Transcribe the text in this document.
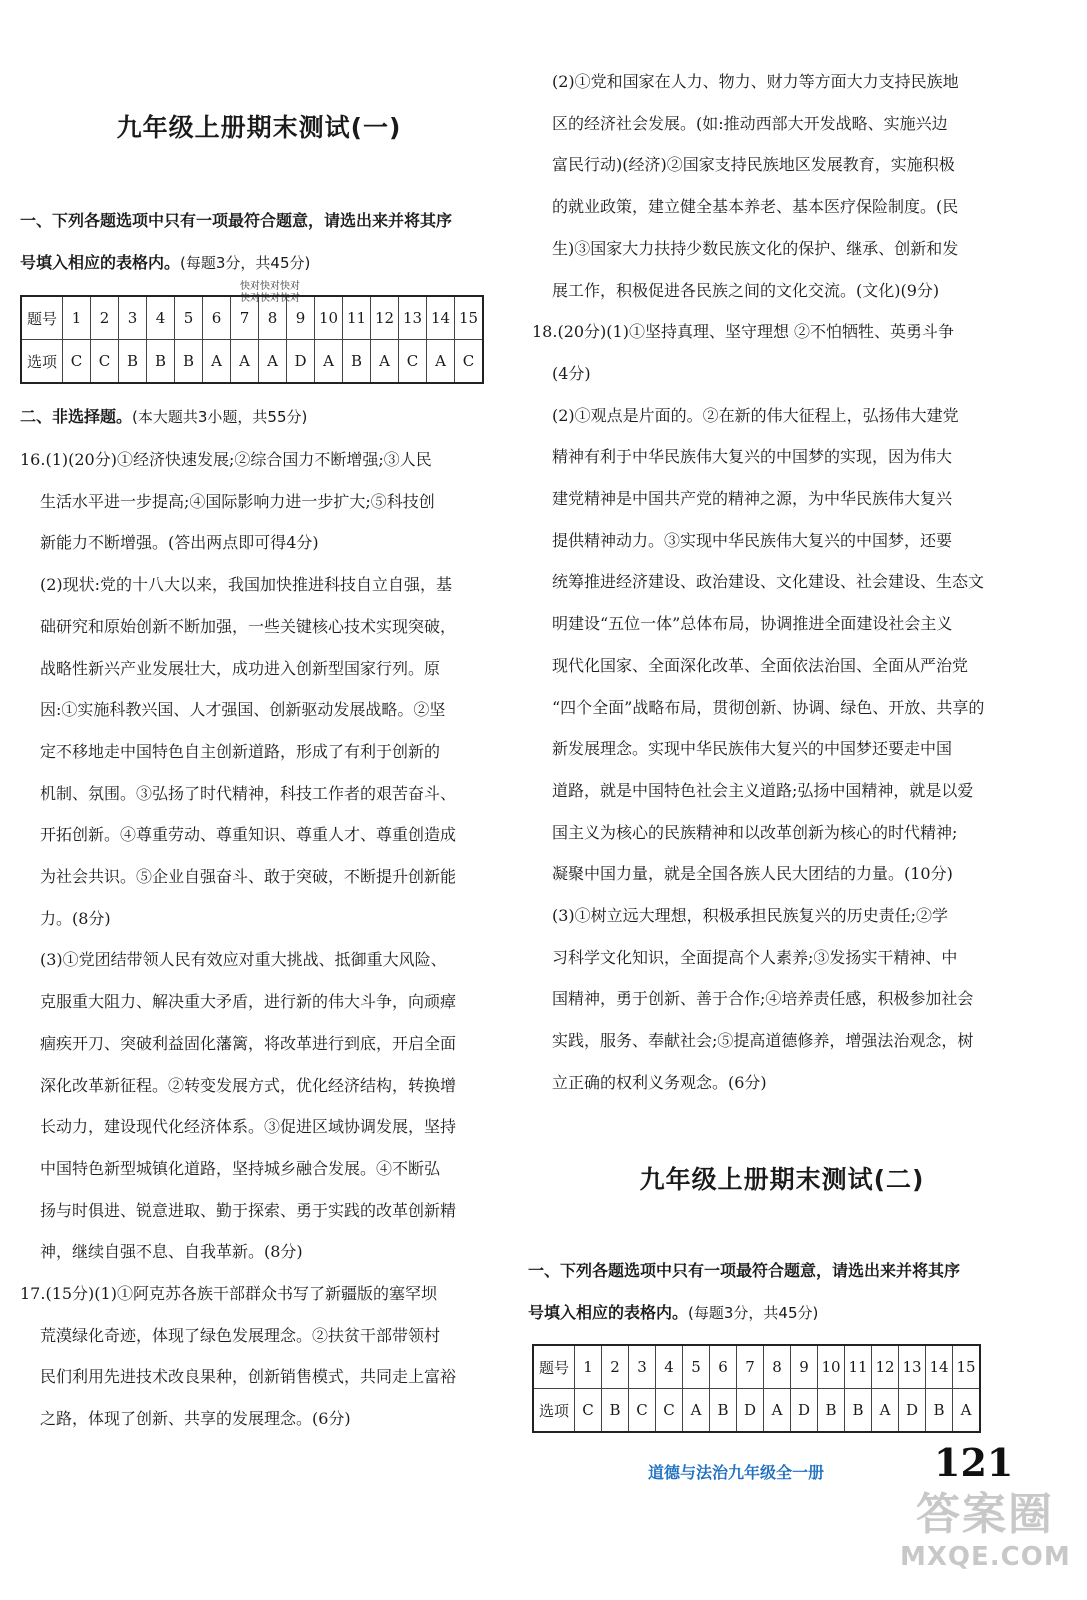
九年级上册期末测试(一)

一、下列各题选项中只有一项最符合题意，请选出来并将其序

号填入相应的表格内。(每题3分，共45分)

快对快对快对
快对快对快对
题号	1	2	3	4	5	6	7	8	9	10	11	12	13	14	15
选项	C	C	B	B	B	A	A	A	D	A	B	A	C	A	C

二、非选择题。(本大题共3小题，共55分)

16.(1)(20分)①经济快速发展;②综合国力不断增强;③人民

生活水平进一步提高;④国际影响力进一步扩大;⑤科技创

新能力不断增强。(答出两点即可得4分)

(2)现状:党的十八大以来，我国加快推进科技自立自强，基

础研究和原始创新不断加强，一些关键核心技术实现突破，

战略性新兴产业发展壮大，成功进入创新型国家行列。原

因:①实施科教兴国、人才强国、创新驱动发展战略。②坚

定不移地走中国特色自主创新道路，形成了有利于创新的

机制、氛围。③弘扬了时代精神，科技工作者的艰苦奋斗、

开拓创新。④尊重劳动、尊重知识、尊重人才、尊重创造成

为社会共识。⑤企业自强奋斗、敢于突破，不断提升创新能

力。(8分)

(3)①党团结带领人民有效应对重大挑战、抵御重大风险、

克服重大阻力、解决重大矛盾，进行新的伟大斗争，向顽瘴

痼疾开刀、突破利益固化藩篱，将改革进行到底，开启全面

深化改革新征程。②转变发展方式，优化经济结构，转换增

长动力，建设现代化经济体系。③促进区域协调发展，坚持

中国特色新型城镇化道路，坚持城乡融合发展。④不断弘

扬与时俱进、锐意进取、勤于探索、勇于实践的改革创新精

神，继续自强不息、自我革新。(8分)

17.(15分)(1)①阿克苏各族干部群众书写了新疆版的塞罕坝

荒漠绿化奇迹，体现了绿色发展理念。②扶贫干部带领村

民们利用先进技术改良果种，创新销售模式，共同走上富裕

之路，体现了创新、共享的发展理念。(6分)

(2)①党和国家在人力、物力、财力等方面大力支持民族地

区的经济社会发展。(如:推动西部大开发战略、实施兴边

富民行动)(经济)②国家支持民族地区发展教育，实施积极

的就业政策，建立健全基本养老、基本医疗保险制度。(民

生)③国家大力扶持少数民族文化的保护、继承、创新和发

展工作，积极促进各民族之间的文化交流。(文化)(9分)

18.(20分)(1)①坚持真理、坚守理想 ②不怕牺牲、英勇斗争

(4分)

(2)①观点是片面的。②在新的伟大征程上，弘扬伟大建党

精神有利于中华民族伟大复兴的中国梦的实现，因为伟大

建党精神是中国共产党的精神之源，为中华民族伟大复兴

提供精神动力。③实现中华民族伟大复兴的中国梦，还要

统筹推进经济建设、政治建设、文化建设、社会建设、生态文

明建设“五位一体”总体布局，协调推进全面建设社会主义

现代化国家、全面深化改革、全面依法治国、全面从严治党

“四个全面”战略布局，贯彻创新、协调、绿色、开放、共享的

新发展理念。实现中华民族伟大复兴的中国梦还要走中国

道路，就是中国特色社会主义道路;弘扬中国精神，就是以爱

国主义为核心的民族精神和以改革创新为核心的时代精神;

凝聚中国力量，就是全国各族人民大团结的力量。(10分)

(3)①树立远大理想，积极承担民族复兴的历史责任;②学

习科学文化知识，全面提高个人素养;③发扬实干精神、中

国精神，勇于创新、善于合作;④培养责任感，积极参加社会

实践，服务、奉献社会;⑤提高道德修养，增强法治观念，树

立正确的权利义务观念。(6分)

九年级上册期末测试(二)

一、下列各题选项中只有一项最符合题意，请选出来并将其序

号填入相应的表格内。(每题3分，共45分)

题号	1	2	3	4	5	6	7	8	9	10	11	12	13	14	15
选项	C	B	C	C	A	B	D	A	D	B	B	A	D	B	A
道德与法治九年级全一册	121
答案圈
MXQE.COM
